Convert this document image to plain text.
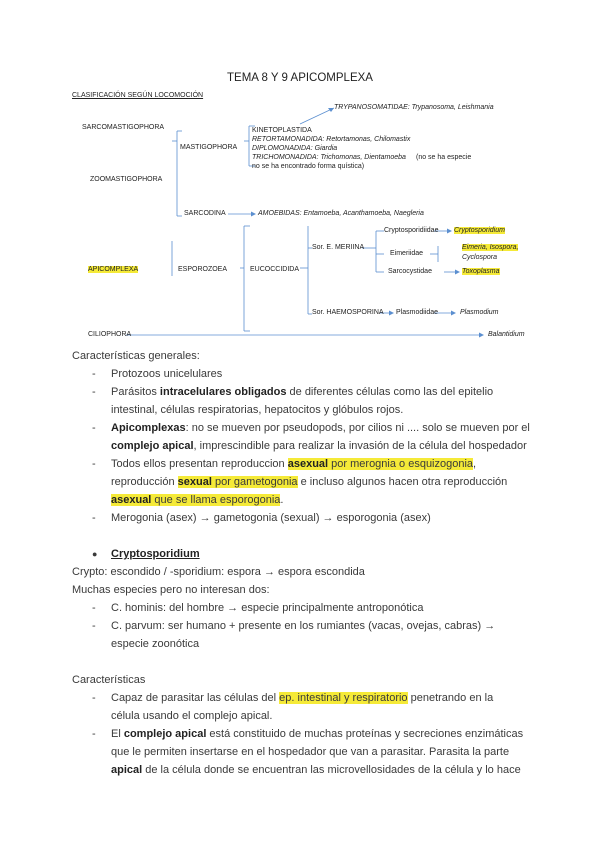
TEMA 8 Y 9 APICOMPLEXA
CLASIFICACIÓN SEGÚN LOCOMOCIÓN
SARCOMASTIGOPHORA
ZOOMASTIGOPHORA
MASTIGOPHORA
TRYPANOSOMATIDAE: Trypanosoma, Leishmania
KINETOPLASTIDA
RETORTAMONADIDA: Retortamonas, Chilomastix
DIPLOMONADIDA: Giardia
TRICHOMONADIDA: Trichomonas, Dientamoeba (no se ha especie
no se ha encontrado forma quística)
SARCODINA	AMOEBIDAS: Entamoeba, Acanthamoeba, Naegleria
APICOMPLEXA	ESPOROZOEA	EUCOCCIDIDA
Sor. E. MERIINA
Cryptosporidiidae Cryptosporidium
Eimeriidae
Eimeria, Isospora,
Cyclospora
Sarcocystidae	Toxoplasma
Sor. HAEMOSPORINA Plasmodiidae	Plasmodium
CILIOPHORA	Balantidium
Características generales:
- Protozoos unicelulares
- Parásitos intracelulares obligados de diferentes células como las del epitelio
intestinal, células respiratorias, hepatocitos y glóbulos rojos.
- Apicomplexas: no se mueven por pseudopods, por cilios ni .... solo se mueven por el
complejo apical, imprescindible para realizar la invasión de la célula del hospedador
- Todos ellos presentan reproduccion asexual por merognia o esquizogonia,
reproducción sexual por gametogonia e incluso algunos hacen otra reproducción
asexual que se llama esporogonia.
- Merogonia (asex) → gametogonia (sexual) → esporogonia (asex)
● Cryptosporidium
Crypto: escondido / -sporidium: espora → espora escondida
Muchas especies pero no interesan dos:
- C. hominis: del hombre → especie principalmente antroponótica
- C. parvum: ser humano + presente en los rumiantes (vacas, ovejas, cabras) →
especie zoonótica
Características
- Capaz de parasitar las células del ep. intestinal y respiratorio penetrando en la
célula usando el complejo apical.
- El complejo apical está constituido de muchas proteínas y secreciones enzimáticas
que le permiten insertarse en el hospedador que van a parasitar. Parasita la parte
apical de la célula donde se encuentran las microvellosidades de la célula y lo hace
